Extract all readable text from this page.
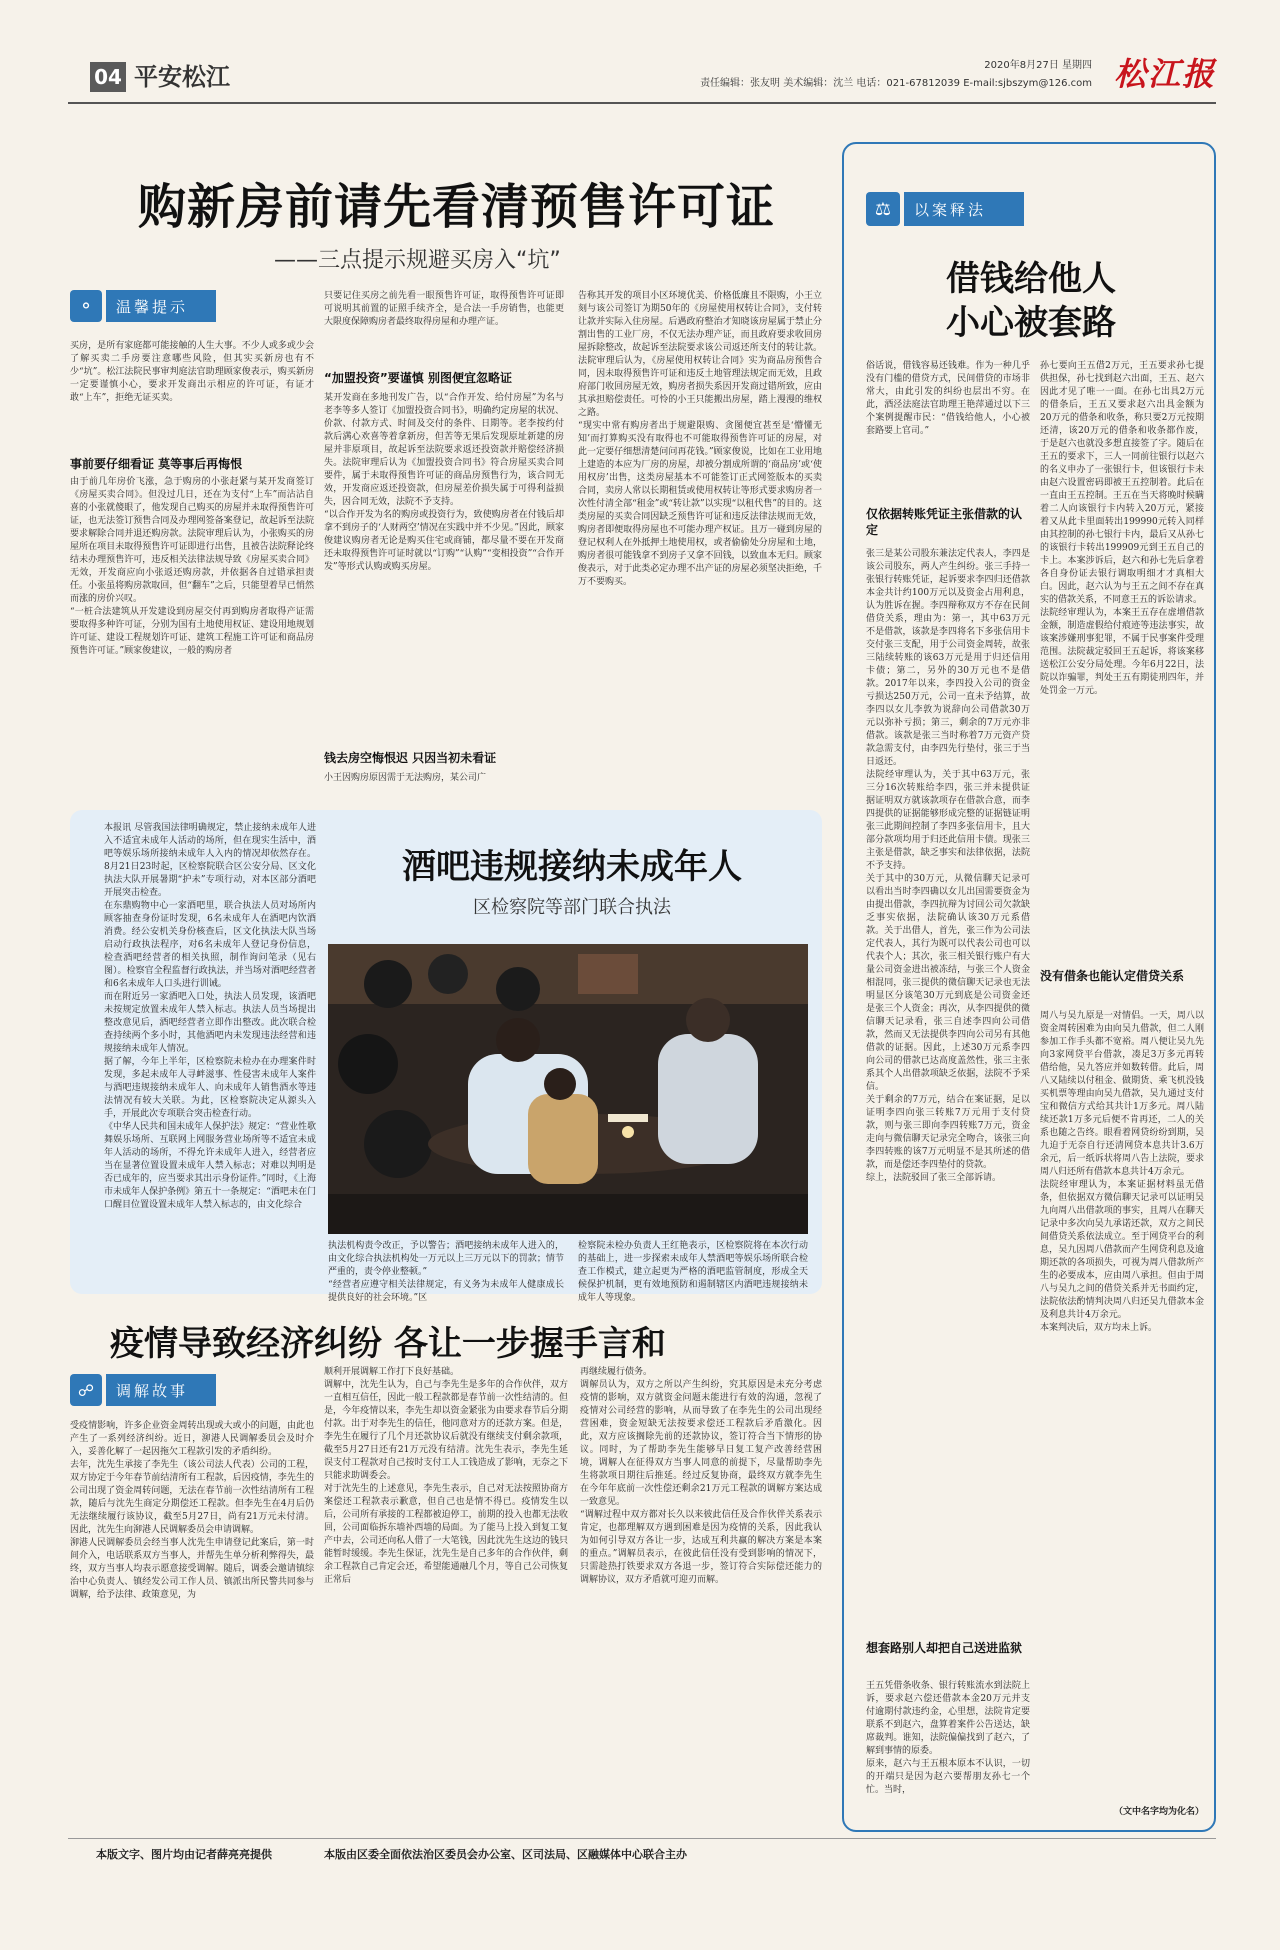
04 平安松江	2020年8月27日 星期四
责任编辑：张友明 美术编辑：沈兰 电话：021-67812039 E-mail:sjbszym@126.com 松江报
购新房前请先看清预售许可证
——三点提示规避买房入“坑”
⚬	温馨提示
买房，是所有家庭都可能接触的人生大事。不少人或多或少会了解买卖二手房要注意哪些风险，但其实买新房也有不少“坑”。松江法院民事审判庭法官助理顾家俊表示，购买新房一定要谨慎小心，要求开发商出示相应的许可证，有证才敢“上车”，拒绝无证买卖。
事前要仔细看证 莫等事后再悔恨
由于前几年房价飞涨，急于购房的小张赶紧与某开发商签订《房屋买卖合同》。但没过几日，还在为支付“上车”而沾沾自喜的小张就傻眼了，他发现自己购买的房屋并未取得预售许可证，也无法签订预售合同及办理网签备案登记，故起诉至法院要求解除合同并退还购房款。法院审理后认为，小张购买的房屋所在项目未取得预售许可证即进行出售，且被告法院释论终结未办理预售许可，违反相关法律法规导致《房屋买卖合同》无效，开发商应向小张返还购房款，并依据各自过错承担责任。小张虽将购房款取回，但“翻车”之后，只能望着早已悄然而涨的房价兴叹。
“一桩合法建筑从开发建设到房屋交付再到购房者取得产证需要取得多种许可证，分别为国有土地使用权证、建设用地规划许可证、建设工程规划许可证、建筑工程施工许可证和商品房预售许可证。”顾家俊建议，一般的购房者
只要记住买房之前先看一眼预售许可证，取得预售许可证即可说明其前置的证照手续齐全，是合法一手房销售，也能更大限度保障购房者最终取得房屋和办理产证。
“加盟投资”要谨慎 别图便宜忽略证
某开发商在多地刊发广告，以“合作开发、给付房屋”为名与老李等多人签订《加盟投资合同书》，明确约定房屋的状况、价款、付款方式、时间及交付的条件、日期等。老李按约付款后满心欢喜等着拿新房，但苦等无果后发现原址新建的房屋并非原项目，故起诉至法院要求返还投资款并赔偿经济损失。法院审理后认为《加盟投资合同书》符合房屋买卖合同要件，属于未取得预售许可证的商品房预售行为，该合同无效，开发商应返还投资款，但房屋差价损失属于可得利益损失，因合同无效，法院不予支持。
“以合作开发为名的购房或投资行为，致使购房者在付钱后却拿不到房子的‘人财两空’情况在实践中并不少见。”因此，顾家俊建议购房者无论是购买住宅或商铺，都尽量不要在开发商还未取得预售许可证时就以“订购”“认购”“变相投资”“合作开发”等形式认购或购买房屋。
钱去房空悔恨迟 只因当初未看证
小王因购房原因需于无法购房，某公司广
告称其开发的项目小区环境优美、价格低廉且不限购，小王立刻与该公司签订为期50年的《房屋使用权转让合同》，支付转让款并实际入住房屋。后遇政府整治才知晓该房屋属于禁止分割出售的工业厂房，不仅无法办理产证，而且政府要求收回房屋拆除整改，故起诉至法院要求该公司返还所支付的转让款。法院审理后认为，《房屋使用权转让合同》实为商品房预售合同，因未取得预售许可证和违反土地管理法规定而无效，且政府部门收回房屋无效，购房者损失系因开发商过错所致，应由其承担赔偿责任。可怜的小王只能搬出房屋，踏上漫漫的维权之路。
“现实中常有购房者出于规避限购、贪图便宜甚至是‘懵懂无知’而打算购买没有取得也不可能取得预售许可证的房屋，对此一定要仔细想清楚问问再花钱。”顾家俊说，比如在工业用地上建造的本应为厂房的房屋，却被分割成所谓的‘商品房’或‘使用权房’出售，这类房屋基本不可能签订正式网签版本的买卖合同，卖房人常以长期租赁或使用权转让等形式要求购房者一次性付清全部“租金”或“转让款”以实现“以租代售”的目的。这类房屋的买卖合同因缺乏预售许可证和违反法律法规而无效，购房者即便取得房屋也不可能办理产权证。且万一碰到房屋的登记权利人在外抵押土地使用权，或者偷偷处分房屋和土地，购房者很可能钱拿不到房子又拿不回钱，以致血本无归。顾家俊表示，对于此类必定办理不出产证的房屋必须坚决拒绝，千万不要购买。
本报讯 尽管我国法律明确规定，禁止接纳未成年人进入不适宜未成年人活动的场所，但在现实生活中，酒吧等娱乐场所接纳未成年人入内的情况却依然存在。8月21日23时起，区检察院联合区公安分局、区文化执法大队开展暑期“护未”专项行动，对本区部分酒吧开展突击检查。
在东鼎购物中心一家酒吧里，联合执法人员对场所内顾客抽查身份证时发现，6名未成年人在酒吧内饮酒消费。经公安机关身份核查后，区文化执法大队当场启动行政执法程序，对6名未成年人登记身份信息，检查酒吧经营者的相关执照，制作询问笔录（见右图）。检察官全程监督行政执法，并当场对酒吧经营者和6名未成年人口头进行训诫。
而在附近另一家酒吧入口处，执法人员发现，该酒吧未按规定放置未成年人禁入标志。执法人员当场提出整改意见后，酒吧经营者立即作出整改。此次联合检查持续两个多小时，其他酒吧内未发现违法经营和违规接纳未成年人情况。
据了解，今年上半年，区检察院未检办在办理案件时发现，多起未成年人寻衅滋事、性侵害未成年人案件与酒吧违规接纳未成年人、向未成年人销售酒水等违法情况有较大关联。为此，区检察院决定从源头入手，开展此次专项联合突击检查行动。
《中华人民共和国未成年人保护法》规定：“营业性歌舞娱乐场所、互联网上网服务营业场所等不适宜未成年人活动的场所，不得允许未成年人进入，经营者应当在显著位置设置未成年人禁入标志；对难以判明是否已成年的，应当要求其出示身份证件。”同时，《上海市未成年人保护条例》第五十一条规定：“酒吧未在门口醒目位置设置未成年人禁入标志的，由文化综合
酒吧违规接纳未成年人
区检察院等部门联合执法
执法机构责令改正，予以警告；酒吧接纳未成年人进入的，由文化综合执法机构处一万元以上三万元以下的罚款；情节严重的，责令停业整顿。”
“经营者应遵守相关法律规定，有义务为未成年人健康成长提供良好的社会环境。”区
检察院未检办负责人王红艳表示，区检察院将在本次行动的基础上，进一步探索未成年人禁酒吧等娱乐场所联合检查工作模式，建立起更为严格的酒吧监管制度，形成全天候保护机制，更有效地预防和遏制辖区内酒吧违规接纳未成年人等现象。
疫情导致经济纠纷 各让一步握手言和
☍	调解故事
受疫情影响，许多企业资金周转出现或大或小的问题，由此也产生了一系列经济纠纷。近日，泖港人民调解委员会及时介入，妥善化解了一起因拖欠工程款引发的矛盾纠纷。
去年，沈先生承接了李先生（该公司法人代表）公司的工程，双方协定于今年春节前结清所有工程款，后因疫情，李先生的公司出现了资金周转问题，无法在春节前一次性结清所有工程款，随后与沈先生商定分期偿还工程款。但李先生在4月后仍无法继续履行该协议，截至5月27日，尚有21万元未付清。因此，沈先生向泖港人民调解委员会申请调解。
泖港人民调解委员会经当事人沈先生申请登记此案后，第一时间介入，电话联系双方当事人，并帮先生单分析利弊得失，最终，双方当事人均表示愿意接受调解。随后，调委会邀请镇综治中心负责人、镇经发公司工作人员、镇派出所民警共同参与调解，给予法律、政策意见，为
顺利开展调解工作打下良好基础。
调解中，沈先生认为，自己与李先生是多年的合作伙伴，双方一直相互信任，因此一般工程款都是春节前一次性结清的。但是，今年疫情以来，李先生却以资金紧张为由要求春节后分期付款。出于对李先生的信任，他同意对方的还款方案。但是，李先生在履行了几个月还款协议后就没有继续支付剩余款项，截至5月27日还有21万元没有结清。沈先生表示，李先生延误支付工程款对自己按时支付工人工钱造成了影响，无奈之下只能求助调委会。
对于沈先生的上述意见，李先生表示，自己对无法按照协商方案偿还工程款表示歉意，但自己也是情不得已。疫情发生以后，公司所有承接的工程都被迫停工，前期的投入也都无法收回，公司面临拆东墙补西墙的局面。为了能马上投入到复工复产中去，公司还向私人借了一大笔钱，因此沈先生这边的钱只能暂时缓缓。李先生保证，沈先生是自己多年的合作伙伴，剩余工程款自己肯定会还，希望能通融几个月，等自己公司恢复正常后
再继续履行债务。
调解员认为，双方之所以产生纠纷，究其原因是未充分考虑疫情的影响，双方就资金问题未能进行有效的沟通，忽视了疫情对公司经营的影响，从而导致了在李先生的公司出现经营困难，资金短缺无法按要求偿还工程款后矛盾激化。因此，双方应该搁除先前的还款协议，签订符合当下情形的协议。同时，为了帮助李先生能够早日复工复产改善经营困境，调解人在征得双方当事人同意的前提下，尽量帮助李先生将款项日期往后推延。经过反复协商，最终双方就李先生在今年年底前一次性偿还剩余21万元工程款的调解方案达成一致意见。
“调解过程中双方都对长久以来彼此信任及合作伙伴关系表示肯定，也都理解双方遇到困难是因为疫情的关系，因此我认为如何引导双方各让一步，达成互利共赢的解决方案是本案的重点。”调解员表示，在彼此信任没有受到影响的情况下，只需趁热打铁要求双方各退一步，签订符合实际偿还能力的调解协议，双方矛盾就可迎刃而解。
⚖	以案释法
借钱给他人
小心被套路
俗话说，借钱容易还钱难。作为一种几乎没有门槛的借贷方式，民间借贷的市场非常大，由此引发的纠纷也层出不穷。在此，酒泾法庭法官助理王艳萍通过以下三个案例提醒市民：“借钱给他人，小心被套路要上官司。”
仅依据转账凭证主张借款的认定
张三是某公司股东兼法定代表人，李四是该公司股东，两人产生纠纷。张三手持一张银行转账凭证，起诉要求李四归还借款本金共计约100万元以及资金占用利息，认为胜诉在握。李四辩称双方不存在民间借贷关系，理由为：第一，其中63万元不是借款，该款是李四将名下多张信用卡交付张三支配，用于公司资金周转，故张三陆续转账的该63万元是用于归还信用卡债；第二，另外的30万元也不是借款。2017年以来，李四投入公司的资金亏损达250万元，公司一直未予结算，故李四以女儿李敦为说辞向公司借款30万元以弥补亏损；第三，剩余的7万元亦非借款。该款是张三当时称着7万元资产贷款急需支付，由李四先行垫付，张三于当日返还。
法院经审理认为，关于其中63万元，张三分16次转账给李四，张三并未提供证据证明双方就该款项存在借款合意，而李四提供的证据能够形成完整的证据链证明张三此期间控制了李四多张信用卡，且大部分款项均用于归还此信用卡债。现张三主张是借款，缺乏事实和法律依据，法院不予支持。
关于其中的30万元，从微信聊天记录可以看出当时李四确以女儿出国需要资金为由提出借款，李四抗辩为讨回公司欠款缺乏事实依据，法院确认该30万元系借款。关于出借人，首先，张三作为公司法定代表人，其行为既可以代表公司也可以代表个人；其次，张三相关银行账户有大量公司资金进出被冻结，与张三个人资金相混同，张三提供的微信聊天记录也无法明显区分该笔30万元到底是公司资金还是张三个人资金；再次，从李四提供的微信聊天记录看，张三自述李四向公司借款，然而又无法提供李四向公司另有其他借款的证据。因此，上述30万元系李四向公司的借款已达高度盖然性，张三主张系其个人出借款项缺乏依据，法院不予采信。
关于剩余的7万元，结合在案证据，足以证明李四向张三转账7万元用于支付贷款，则与张三即向李四转账7万元，资金走向与微信聊天记录完全吻合，该张三向李四转账的该7万元明显不是其所述的借款，而是偿还李四垫付的贷款。
综上，法院驳回了张三全部诉请。
想套路别人却把自己送进监狱
王五凭借条收条、银行转账流水到法院上诉，要求赵六偿还借款本金20万元并支付逾期付款违约金，心里想，法院肯定要联系不到赵六，盘算着案件公告送达，缺席裁判。谁知，法院偏偏找到了赵六，了解到事情的原委。
原来，赵六与王五根本原本不认识，一切的开端只是因为赵六要帮朋友孙七一个忙。当时，
孙七要向王五借2万元，王五要求孙七提供担保，孙七找到赵六出面，王五、赵六因此才见了唯一一面。在孙七出具2万元的借条后，王五又要求赵六出具金额为20万元的借条和收条，称只要2万元按期还清，该20万元的借条和收条都作废，于是赵六也就没多想直接签了字。随后在王五的要求下，三人一同前往银行以赵六的名义申办了一张银行卡，但该银行卡未由赵六设置密码即被王五控制着。此后在一直由王五控制。王五在当天将晚时候瞒着二人向该银行卡内转入20万元，紧接着又从此卡里面转出199990元转入同样由其控制的孙七银行卡内，最后又从孙七的该银行卡转出199909元到王五自己的卡上。本案涉诉后，赵六和孙七先后拿着各自身份证去银行调取明细才才真相大白。因此，赵六认为与王五之间不存在真实的借款关系，不同意王五的诉讼请求。
法院经审理认为，本案王五存在虚增借款金额，制造虚假给付痕迹等违法事实，故该案涉嫌刑事犯罪，不属于民事案件受理范围。法院裁定驳回王五起诉，将该案移送松江公安分局处理。今年6月22日，法院以诈骗罪，判处王五有期徒刑四年，并处罚金一万元。
没有借条也能认定借贷关系
周八与吴九原是一对情侣。一天，周八以资金周转困难为由向吴九借款，但二人刚参加工作手头都不宽裕。周八便让吴九先向3家网贷平台借款，凑足3万多元再转借给他，吴九答应并如数转借。此后，周八又陆续以付租金、做期货、乘飞机没钱买机票等理由向吴九借款，吴九通过支付宝和微信方式给其共计1万多元。周八陆续还款1万多元后便不肯再还，二人的关系也随之告终。眼看着网贷纷纷到期，吴九迫于无奈自行还清网贷本息共计3.6万余元，后一纸诉状将周八告上法院，要求周八归还所有借款本息共计4万余元。
法院经审理认为，本案证据材料虽无借条，但依据双方微信聊天记录可以证明吴九向周八出借款项的事实，且周八在聊天记录中多次向吴九承诺还款，双方之间民间借贷关系依法成立。至于网贷平台的利息，吴九因周八借款而产生网贷利息及逾期还款的各项损失，可视为周八借款所产生的必要成本，应由周八承担。但由于周八与吴九之间的借贷关系并无书面约定，法院依法酌情判决周八归还吴九借款本金及利息共计4万余元。
本案判决后，双方均未上诉。
（文中名字均为化名）
本版文字、图片均由记者薛亮亮提供	本版由区委全面依法治区委员会办公室、区司法局、区融媒体中心联合主办
